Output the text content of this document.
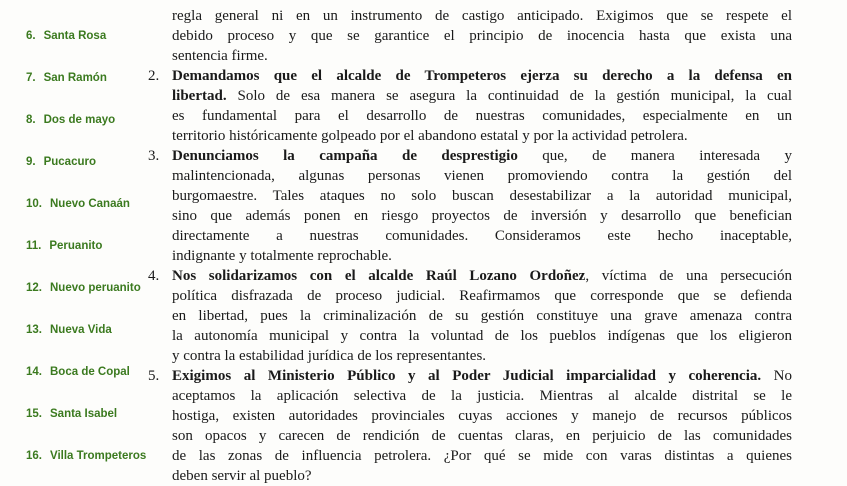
6. Santa Rosa
7. San Ramón
8. Dos de mayo
9. Pucacuro
10. Nuevo Canaán
11. Peruanito
12. Nuevo peruanito
13. Nueva Vida
14. Boca de Copal
15. Santa Isabel
16. Villa Trompeteros
regla general ni en un instrumento de castigo anticipado. Exigimos que se respete el
debido proceso y que se garantice el principio de inocencia hasta que exista una
sentencia firme.
2. Demandamos que el alcalde de Trompeteros ejerza su derecho a la defensa en
libertad. Solo de esa manera se asegura la continuidad de la gestión municipal, la cual
es fundamental para el desarrollo de nuestras comunidades, especialmente en un
territorio históricamente golpeado por el abandono estatal y por la actividad petrolera.
3. Denunciamos la campaña de desprestigio que, de manera interesada y
malintencionada, algunas personas vienen promoviendo contra la gestión del
burgomaestre. Tales ataques no solo buscan desestabilizar a la autoridad municipal,
sino que además ponen en riesgo proyectos de inversión y desarrollo que benefician
directamente a nuestras comunidades. Consideramos este hecho inaceptable,
indignante y totalmente reprochable.
4. Nos solidarizamos con el alcalde Raúl Lozano Ordoñez, víctima de una persecución
política disfrazada de proceso judicial. Reafirmamos que corresponde que se defienda
en libertad, pues la criminalización de su gestión constituye una grave amenaza contra
la autonomía municipal y contra la voluntad de los pueblos indígenas que los eligieron
y contra la estabilidad jurídica de los representantes.
5. Exigimos al Ministerio Público y al Poder Judicial imparcialidad y coherencia. No
aceptamos la aplicación selectiva de la justicia. Mientras al alcalde distrital se le
hostiga, existen autoridades provinciales cuyas acciones y manejo de recursos públicos
son opacos y carecen de rendición de cuentas claras, en perjuicio de las comunidades
de las zonas de influencia petrolera. ¿Por qué se mide con varas distintas a quienes
deben servir al pueblo?
